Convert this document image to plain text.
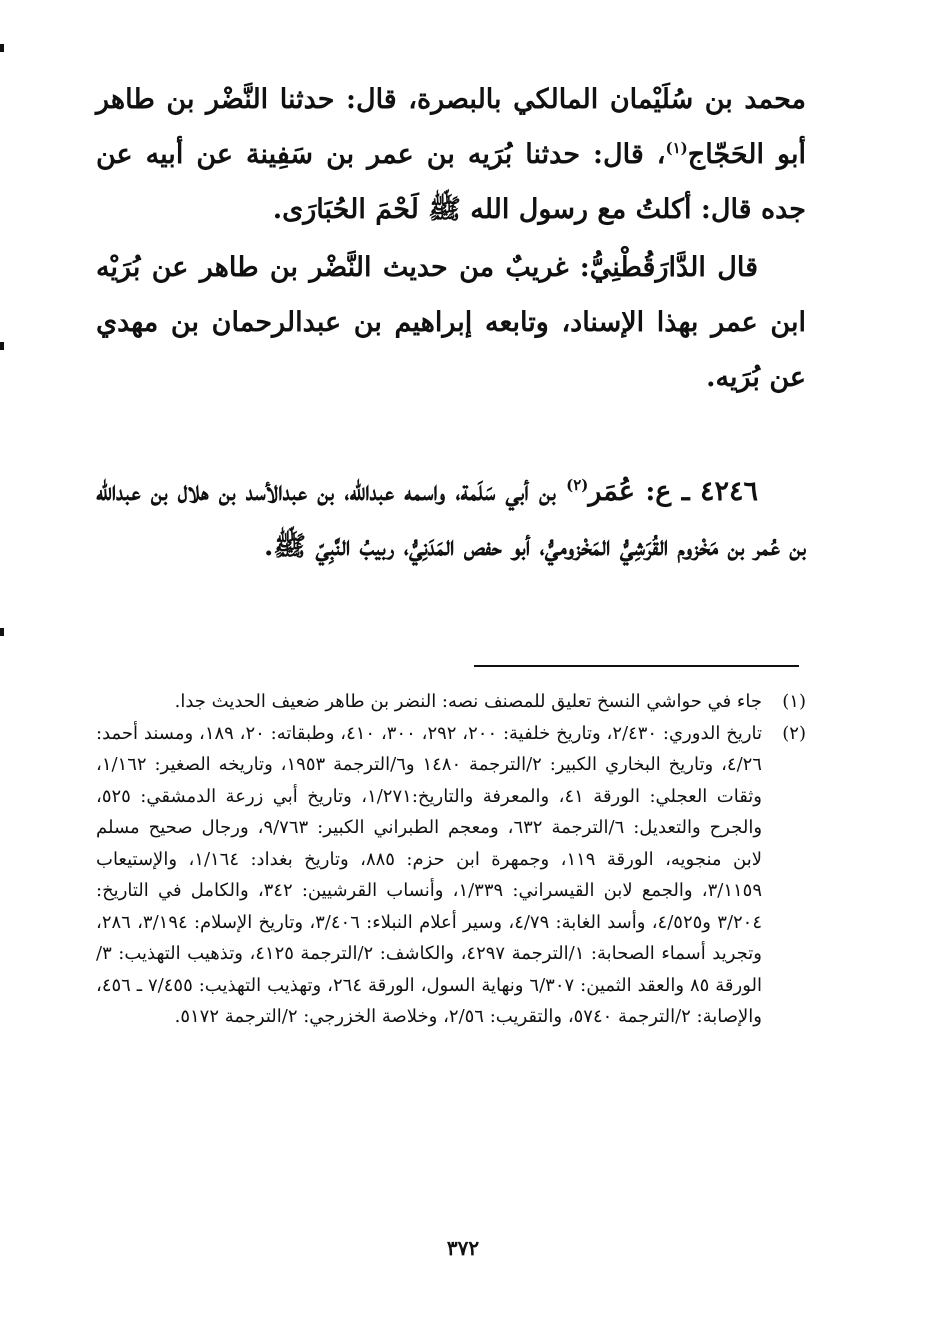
محمد بن سُلَيْمان المالكي بالبصرة، قال: حدثنا النَّضْر بن طاهر أبو الحَجّاج$^{(١)}$، قال: حدثنا بُرَيه بن عمر بن سَفِينة عن أبيه عن جده قال: أكلتُ مع رسول الله ﷺ لَحْمَ الحُبَارَى.

قال الدَّارَقُطْنِيُّ: غريبٌ من حديث النَّضْر بن طاهر عن بُرَيْه ابن عمر بهذا الإسناد، وتابعه إبراهيم بن عبدالرحمان بن مهدي عن بُرَيه.

٤٢٤٦ ـ ع: عُمَر$^{(٢)}$ بن أبي سَلَمة، واسمه عبدالله، بن عبدالأسد بن هلال بن عبدالله بن عُمر بن مَخْزوم القُرَشِيُّ المَخْزوميُّ، أبو حفص المَدَنِيُّ، ربيبُ النَّبِيّ ﷺ.

(١)
جاء في حواشي النسخ تعليق للمصنف نصه: النضر بن طاهر ضعيف الحديث جدا.
(٢)
تاريخ الدوري: ٢/٤٣٠، وتاريخ خلفية: ٢٠٠، ٢٩٢، ٣٠٠، ٤١٠، وطبقاته: ٢٠، ١٨٩، ومسند أحمد: ٤/٢٦، وتاريخ البخاري الكبير: ٢/الترجمة ١٤٨٠ و٦/الترجمة ١٩٥٣، وتاريخه الصغير: ١/١٦٢، وثقات العجلي: الورقة ٤١، والمعرفة والتاريخ:١/٢٧١، وتاريخ أبي زرعة الدمشقي: ٥٢٥، والجرح والتعديل: ٦/الترجمة ٦٣٢، ومعجم الطبراني الكبير: ٩/٧٦٣، ورجال صحيح مسلم لابن منجويه، الورقة ١١٩، وجمهرة ابن حزم: ٨٨٥، وتاريخ بغداد: ١/١٦٤، والإستيعاب ٣/١١٥٩، والجمع لابن القيسراني: ١/٣٣٩، وأنساب القرشيين: ٣٤٢، والكامل في التاريخ: ٣/٢٠٤ و٤/٥٢٥، وأسد الغابة: ٤/٧٩، وسير أعلام النبلاء: ٣/٤٠٦، وتاريخ الإسلام: ٣/١٩٤، ٢٨٦، وتجريد أسماء الصحابة: ١/الترجمة ٤٢٩٧، والكاشف: ٢/الترجمة ٤١٢٥، وتذهيب التهذيب: ٣/الورقة ٨٥ والعقد الثمين: ٦/٣٠٧ ونهاية السول، الورقة ٢٦٤، وتهذيب التهذيب: ٧/٤٥٥ ـ ٤٥٦، والإصابة: ٢/الترجمة ٥٧٤٠، والتقريب: ٢/٥٦، وخلاصة الخزرجي: ٢/الترجمة ٥١٧٢.
٣٧٢
